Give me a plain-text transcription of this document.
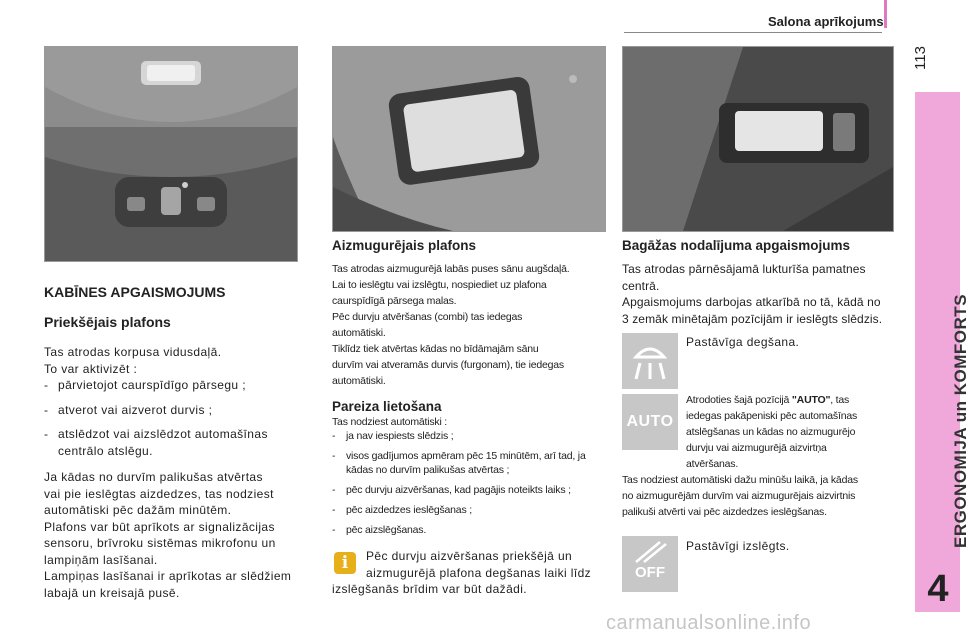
Salona aprīkojums
113
ERGONOMIJA un KOMFORTS
4
KABĪNES APGAISMOJUMS
Priekšējais plafons
Tas atrodas korpusa vidusdaļā.
To var aktivizēt :
- pārvietojot caurspīdīgo pārsegu ;
- atverot vai aizverot durvis ;
- atslēdzot vai aizslēdzot automašīnas centrālo atslēgu.
Ja kādas no durvīm palikušas atvērtas
vai pie ieslēgtas aizdedzes, tas nodziest
automātiski pēc dažām minūtēm.
Plafons var būt aprīkots ar signalizācijas
sensoru, brīvroku sistēmas mikrofonu un
lampiņām lasīšanai.
Lampiņas lasīšanai ir aprīkotas ar slēdžiem
labajā un kreisajā pusē.
Aizmugurējais plafons
Tas atrodas aizmugurējā labās puses sānu augšdaļā.
Lai to ieslēgtu vai izslēgtu, nospiediet uz plafona
caurspīdīgā pārsega malas.
Pēc durvju atvēršanas (combi) tas iedegas
automātiski.
Tiklīdz tiek atvērtas kādas no bīdāmajām sānu
durvīm vai atveramās durvis (furgonam), tie iedegas
automātiski.
Pareiza lietošana
Tas nodziest automātiski :
- ja nav iespiests slēdzis ;
- visos gadījumos apmēram pēc 15 minūtēm, arī tad, ja kādas no durvīm palikušas atvērtas ;
- pēc durvju aizvēršanas, kad pagājis noteikts laiks ;
- pēc aizdedzes ieslēgšanas ;
- pēc aizslēgšanas.
i	Pēc durvju aizvēršanas priekšējā un
aizmugurējā plafona degšanas laiki līdz
izslēgšanās brīdim var būt dažādi.
Bagāžas nodalījuma apgaismojums
Tas atrodas pārnēsājamā lukturīša pamatnes
centrā.
Apgaismojums darbojas atkarībā no tā, kādā no
3 zemāk minētajām pozīcijām ir ieslēgts slēdzis.
Pastāvīga degšana.
AUTO
Atrodoties šajā pozīcijā "AUTO", tas
iedegas pakāpeniski pēc automašīnas
atslēgšanas un kādas no aizmugurējo
durvju vai aizmugurējā aizvirtņa
atvēršanas.
Tas nodziest automātiski dažu minūšu laikā, ja kādas
no aizmugurējām durvīm vai aizmugurējais aizvirtnis
palikuši atvērti vai pēc aizdedzes ieslēgšanas.
OFF
Pastāvīgi izslēgts.
carmanualsonline.info
